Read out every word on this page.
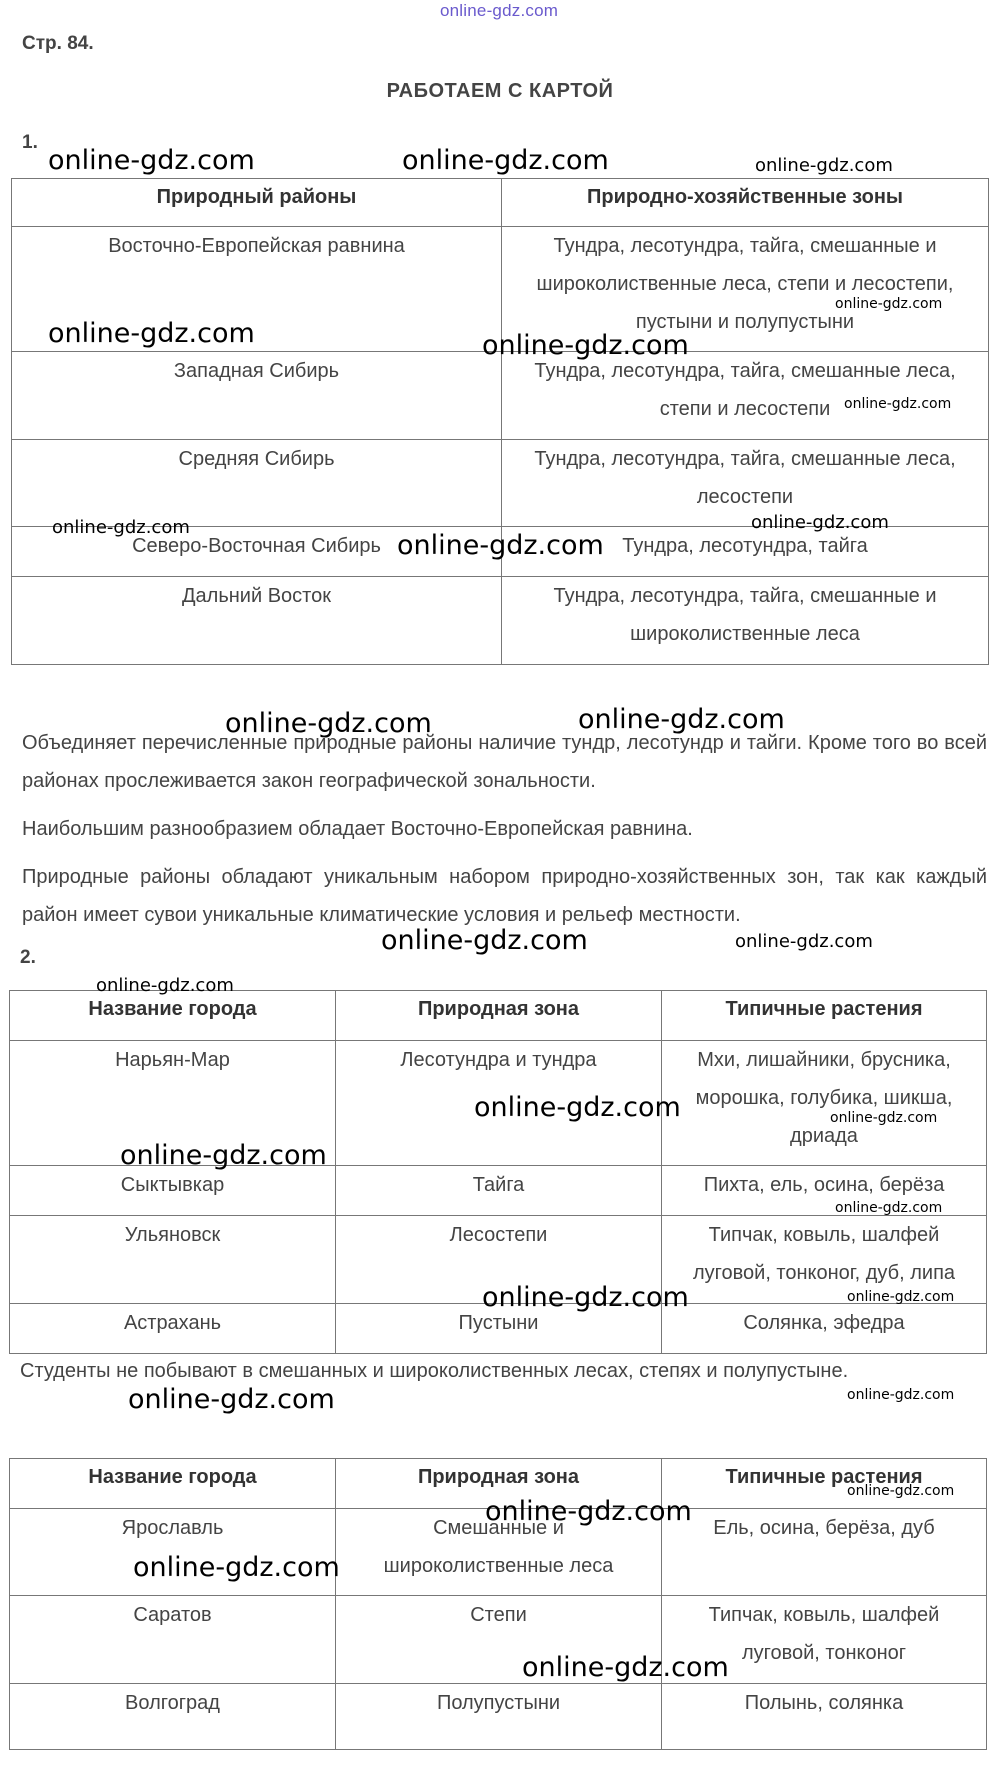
online-gdz.com
Стр. 84.
РАБОТАЕМ С КАРТОЙ
1.
Природный районы	Природно-хозяйственные зоны
Восточно-Европейская равнина	Тундра, лесотундра, тайга, смешанные и широколиственные леса, степи и лесостепи, пустыни и полупустыни
Западная Сибирь	Тундра, лесотундра, тайга, смешанные леса, степи и лесостепи
Средняя Сибирь	Тундра, лесотундра, тайга, смешанные леса, лесостепи
Северо-Восточная Сибирь	Тундра, лесотундра, тайга
Дальний Восток	Тундра, лесотундра, тайга, смешанные и широколиственные леса

Объединяет перечисленные природные районы наличие тундр, лесотундр и тайги. Кроме того во всей районах прослеживается закон географической зональности.

Наибольшим разнообразием обладает Восточно-Европейская равнина.

Природные районы обладают уникальным набором природно-хозяйственных зон, так как каждый район имеет сувои уникальные климатические условия и рельеф местности.

2.
Название города	Природная зона	Типичные растения
Нарьян-Мар	Лесотундра и тундра	Мхи, лишайники, брусника, морошка, голубика, шикша, дриада
Сыктывкар	Тайга	Пихта, ель, осина, берёза
Ульяновск	Лесостепи	Типчак, ковыль, шалфей луговой, тонконог, дуб, липа
Астрахань	Пустыни	Солянка, эфедра
Студенты не побывают в смешанных и широколиственных лесах, степях и полупустыне.
Название города	Природная зона	Типичные растения
Ярославль	Смешанные и широколиственные леса	Ель, осина, берёза, дуб
Саратов	Степи	Типчак, ковыль, шалфей луговой, тонконог
Волгоград	Полупустыни	Полынь, солянка
online-gdz.com	online-gdz.com	online-gdz.com
online-gdz.com
online-gdz.com	online-gdz.com
online-gdz.com
online-gdz.com	online-gdz.com
online-gdz.com
online-gdz.com	online-gdz.com
online-gdz.com	online-gdz.com
online-gdz.com
online-gdz.com	online-gdz.com
online-gdz.com
online-gdz.com
online-gdz.com
online-gdz.com
online-gdz.com
online-gdz.com
online-gdz.com
online-gdz.com
online-gdz.com
online-gdz.com
